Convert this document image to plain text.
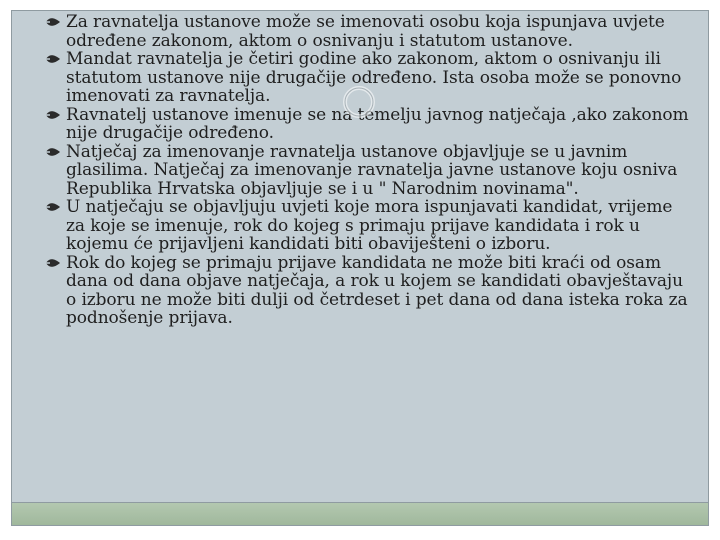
Za ravnatelja ustanove može se imenovati osobu koja ispunjava uvjete određene zakonom, aktom o osnivanju i statutom ustanove.
Mandat ravnatelja je četiri godine ako zakonom, aktom o osnivanju ili statutom ustanove nije drugačije određeno. Ista osoba može se ponovno imenovati za ravnatelja.
Ravnatelj ustanove imenuje se na temelju javnog natječaja ,ako zakonom nije drugačije određeno.
Natječaj za imenovanje ravnatelja ustanove objavljuje se u javnim glasilima. Natječaj za imenovanje ravnatelja javne ustanove koju osniva Republika Hrvatska objavljuje se i u " Narodnim novinama".
U natječaju se objavljuju uvjeti koje mora ispunjavati kandidat, vrijeme za koje se imenuje, rok do kojeg s primaju prijave kandidata i rok u kojemu će prijavljeni kandidati biti obaviješteni o izboru.
Rok do kojeg se primaju prijave kandidata ne može biti kraći od osam dana od dana objave natječaja, a rok u kojem se kandidati obavještavaju o izboru ne može biti dulji od četrdeset i pet dana od dana isteka roka za podnošenje prijava.
